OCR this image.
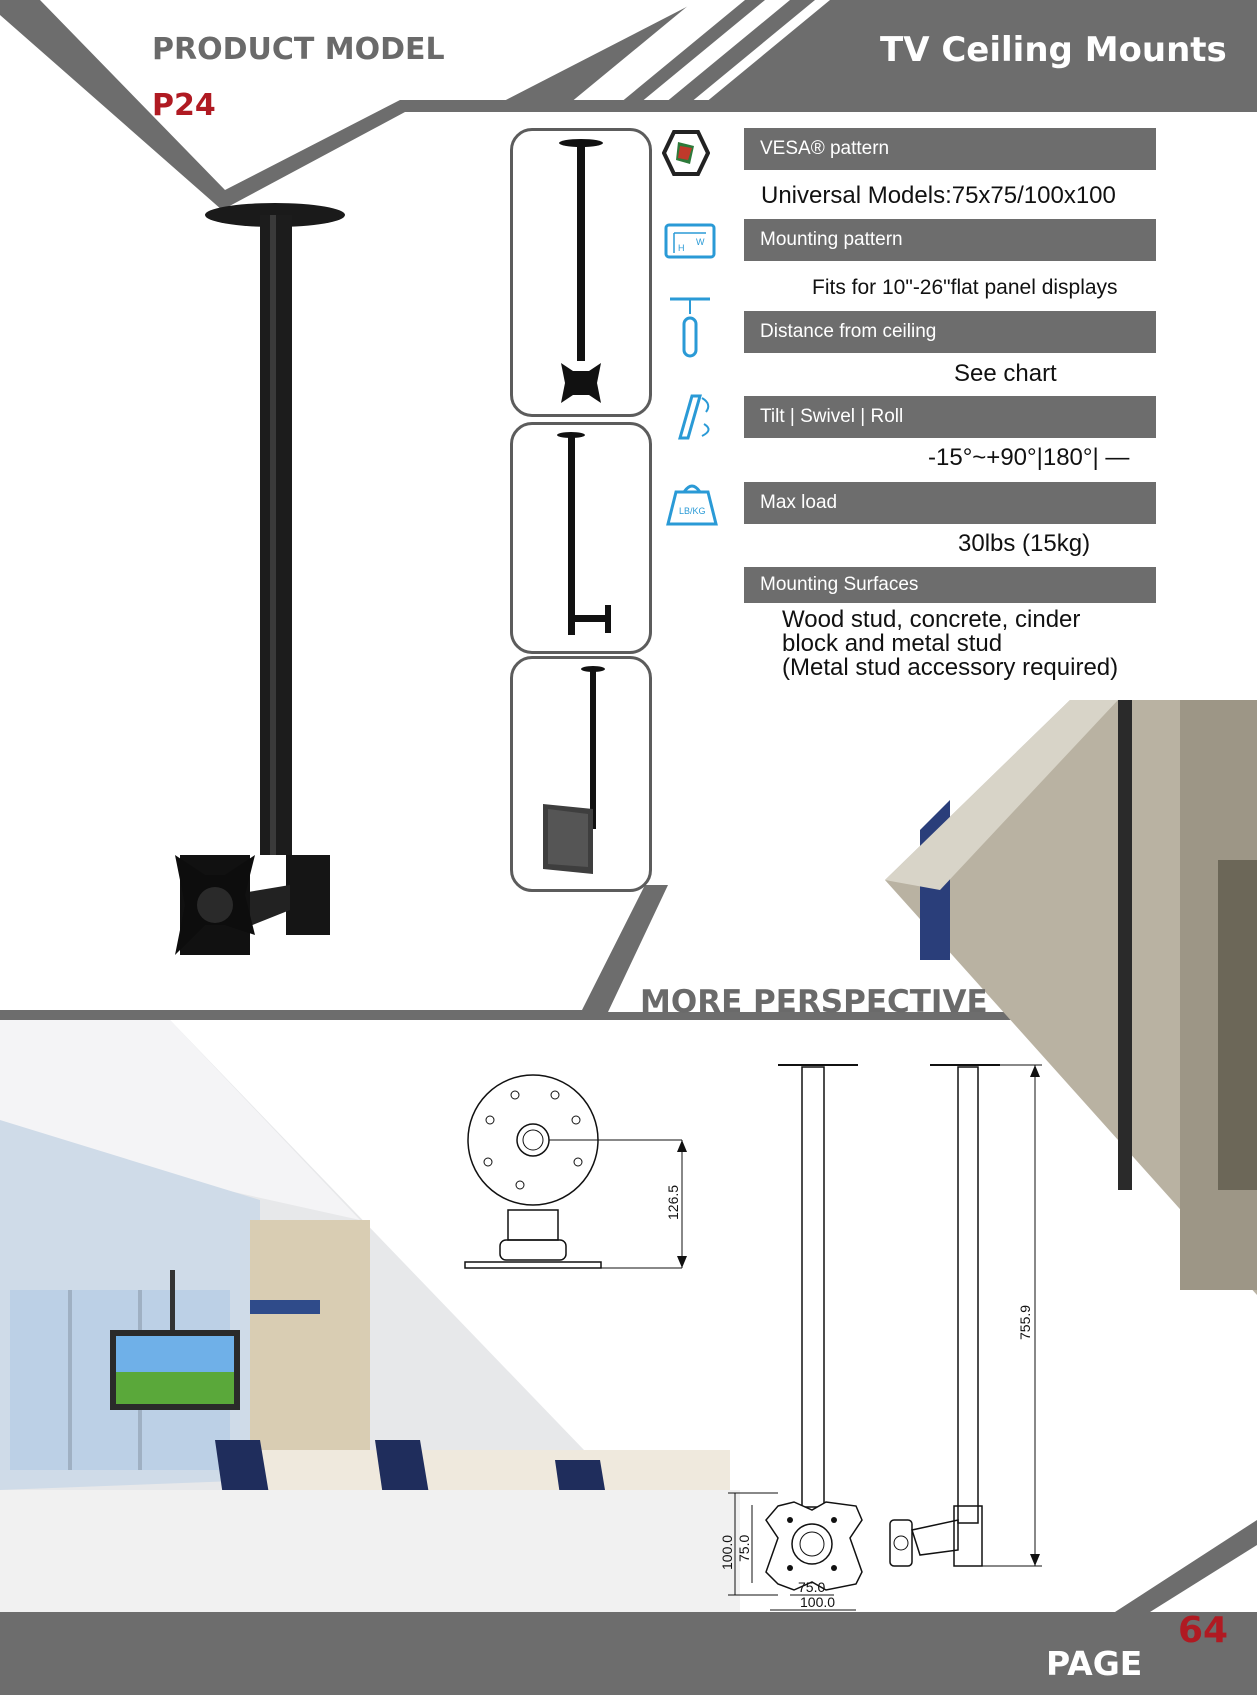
PRODUCT MODEL
P24
TV Ceiling Mounts
W
H
LB/KG
VESA® pattern
Universal Models:75x75/100x100
Mounting pattern
Fits for 10"-26"flat panel displays
Distance from ceiling
See chart
Tilt | Swivel | Roll
-15°~+90°|180°| —
Max load
30lbs (15kg)
Mounting Surfaces
Wood stud, concrete, cinder
block and metal stud
(Metal stud accessory required)
MORE PERSPECTIVE
126.5
100.0 75.0
75.0
100.0
755.9
64
PAGE
